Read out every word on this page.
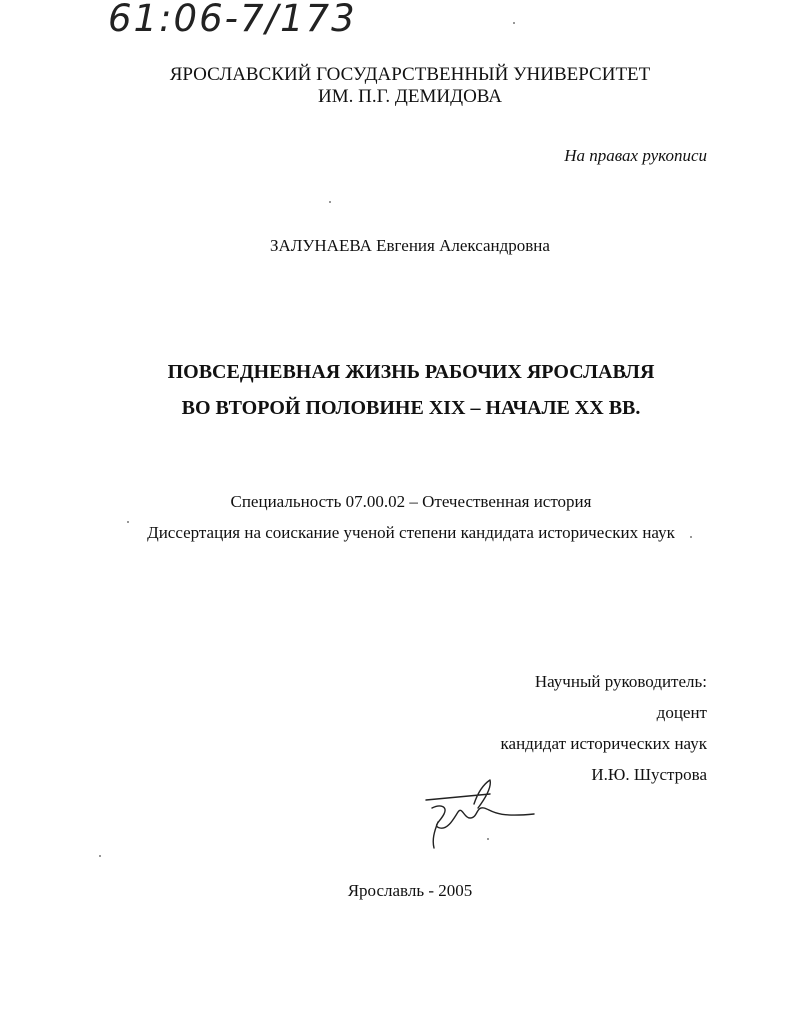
61:06-7/173
ЯРОСЛАВСКИЙ ГОСУДАРСТВЕННЫЙ УНИВЕРСИТЕТ
ИМ. П.Г. ДЕМИДОВА
На правах рукописи
ЗАЛУНАЕВА Евгения Александровна
ПОВСЕДНЕВНАЯ ЖИЗНЬ РАБОЧИХ ЯРОСЛАВЛЯ
ВО ВТОРОЙ ПОЛОВИНЕ XIX – НАЧАЛЕ XX ВВ.
Специальность 07.00.02 – Отечественная история
Диссертация на соискание ученой степени кандидата исторических наук
Научный руководитель:
доцент
кандидат исторических наук
И.Ю. Шустрова
Ярославль - 2005
